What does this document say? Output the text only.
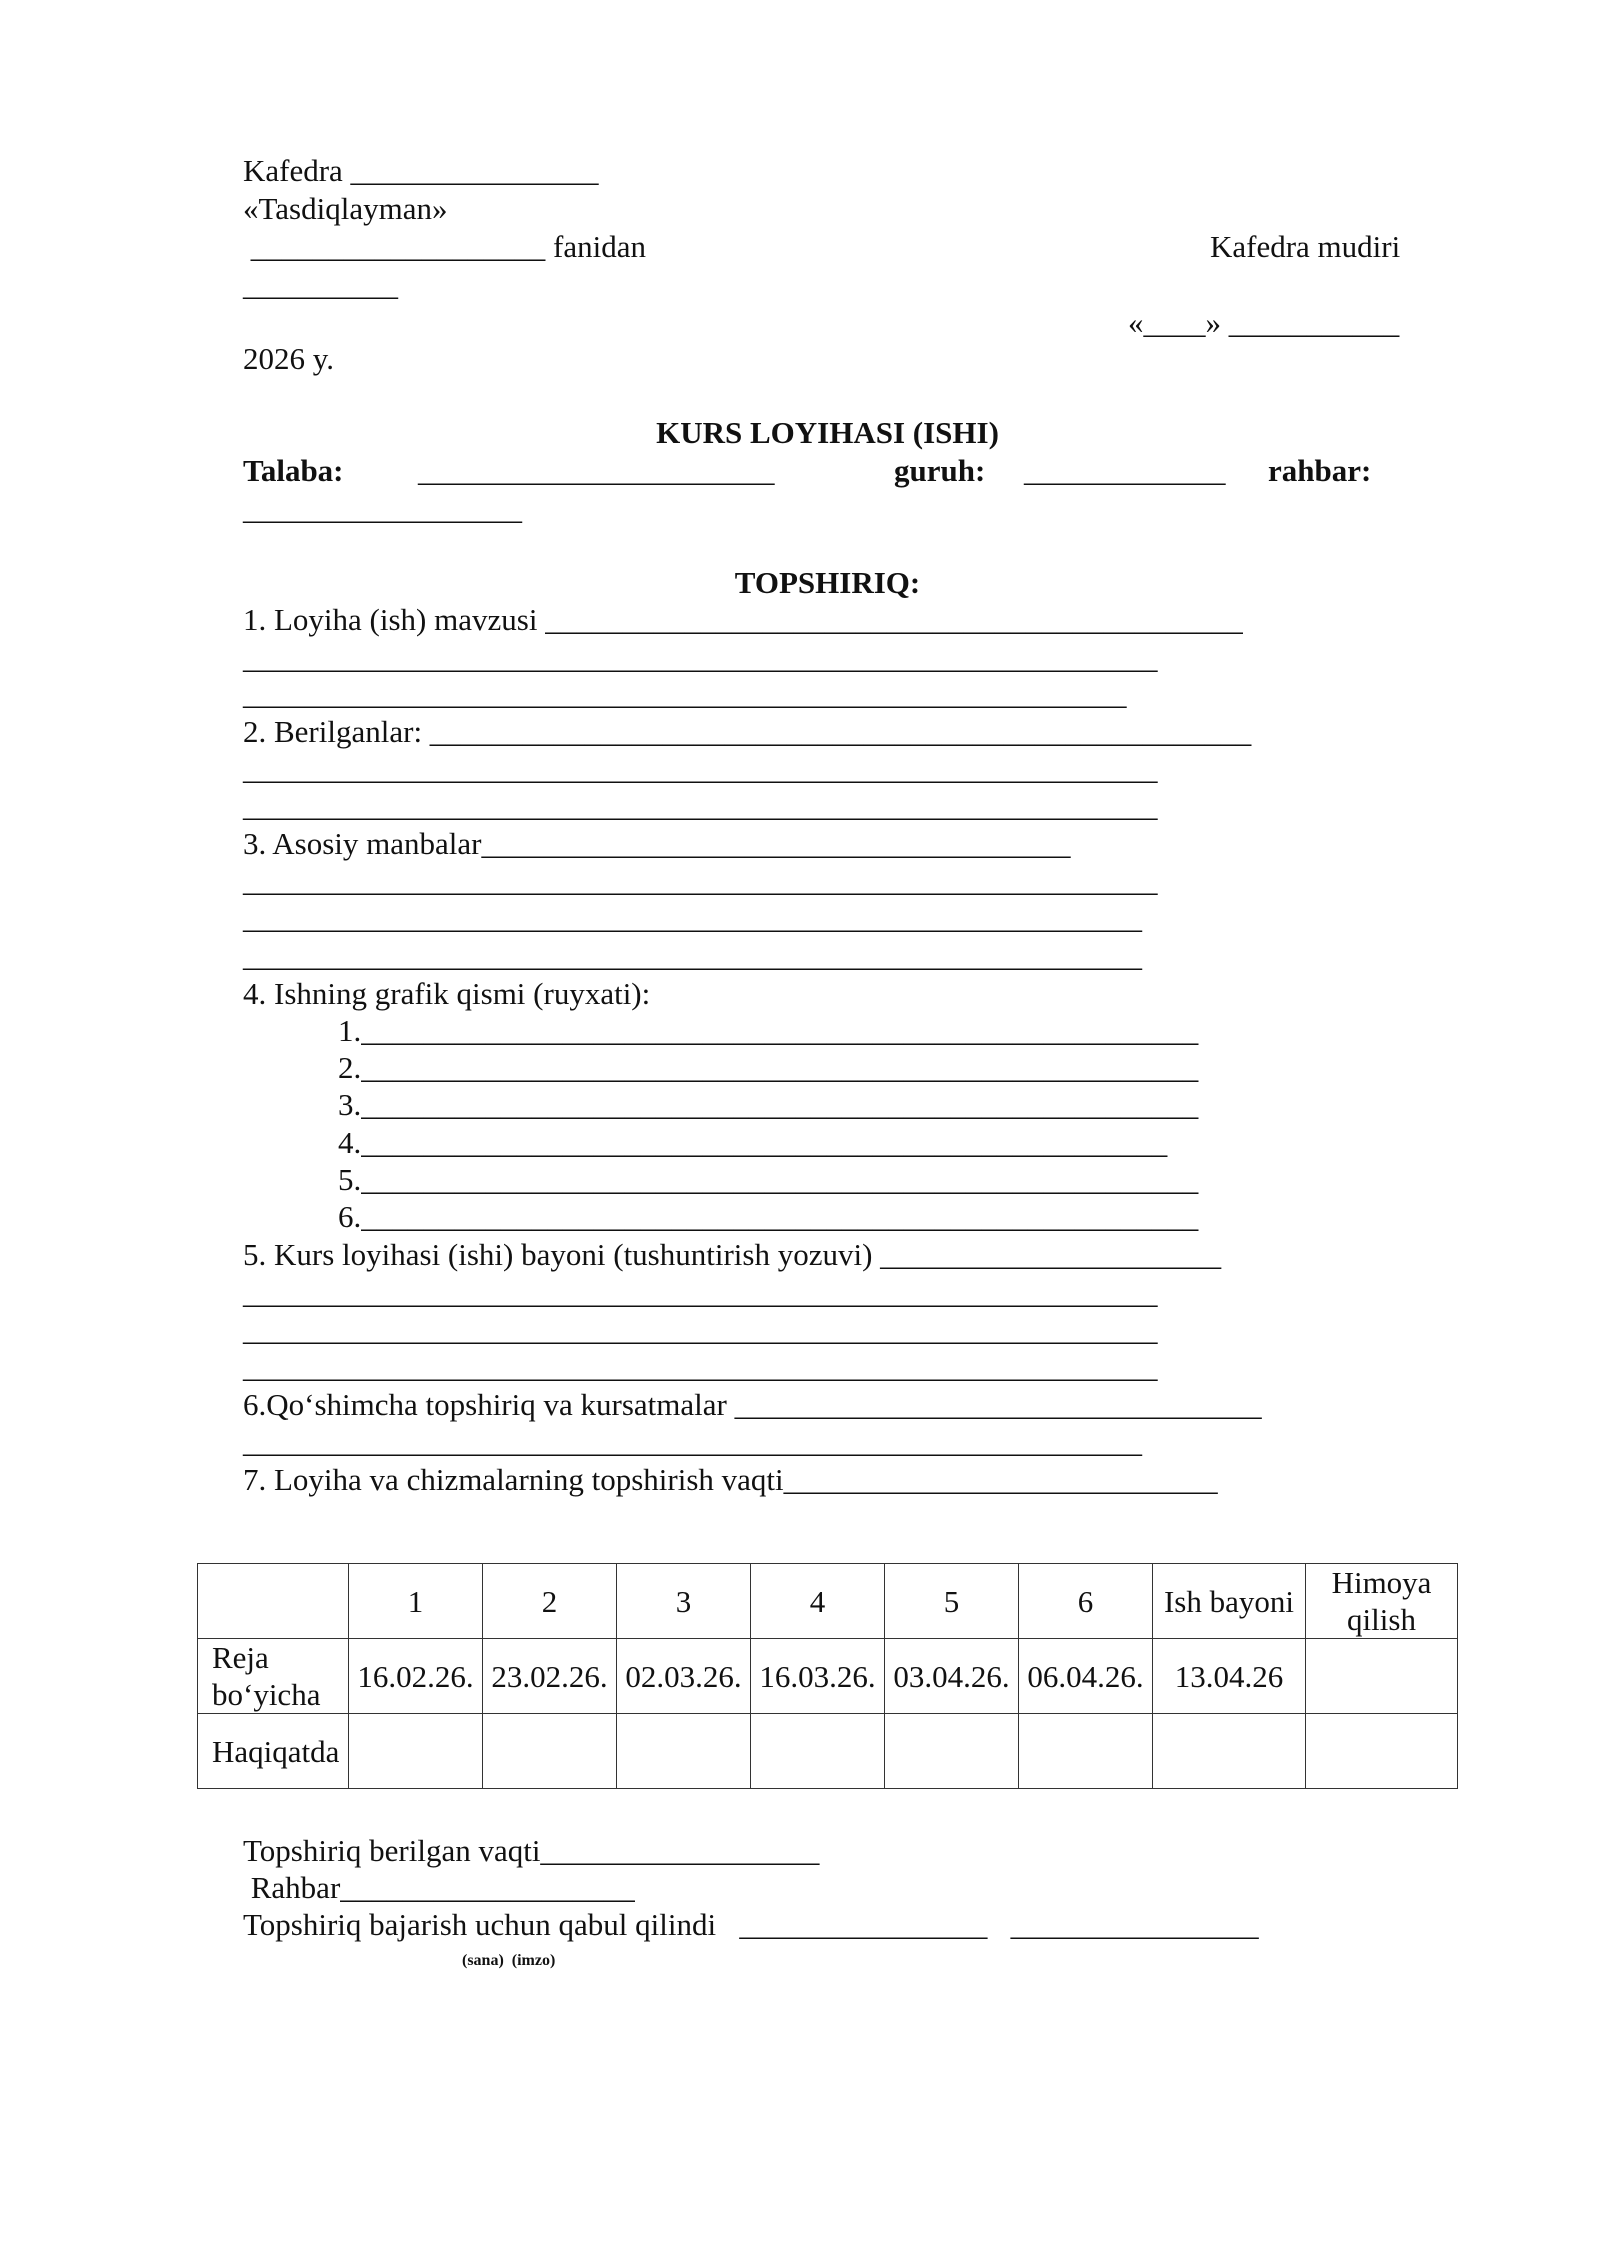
Kafedra ________________
«Tasdiqlayman»
___________________ fanidan	Kafedra mudiri
__________
«____» ___________
2026 y.
KURS LOYIHASI (ISHI)
Talaba: _______________________	guruh: _____________ rahbar:
__________________
TOPSHIRIQ:
1. Loyiha (ish) mavzusi _____________________________________________
___________________________________________________________
_________________________________________________________
2. Berilganlar: _____________________________________________________
___________________________________________________________
___________________________________________________________
3. Asosiy manbalar______________________________________
___________________________________________________________
__________________________________________________________
__________________________________________________________
4. Ishning grafik qismi (ruyxati):
1.______________________________________________________
2.______________________________________________________
3.______________________________________________________
4.____________________________________________________
5.______________________________________________________
6.______________________________________________________
5. Kurs loyihasi (ishi) bayoni (tushuntirish yozuvi) ______________________
___________________________________________________________
___________________________________________________________
___________________________________________________________
6.Qo‘shimcha topshiriq va kursatmalar __________________________________
__________________________________________________________
7. Loyiha va chizmalarning topshirish vaqti____________________________
	1	2	3	4	5	6	Ish bayoni	Himoya qilish
Reja bo‘yicha	16.02.26.	23.02.26.	02.03.26.	16.03.26.	03.04.26.	06.04.26.	13.04.26	
Haqiqatda								
Topshiriq berilgan vaqti__________________
Rahbar___________________
Topshiriq bajarish uchun qabul qilindi   ________________   ________________
(sana)  (imzo)
